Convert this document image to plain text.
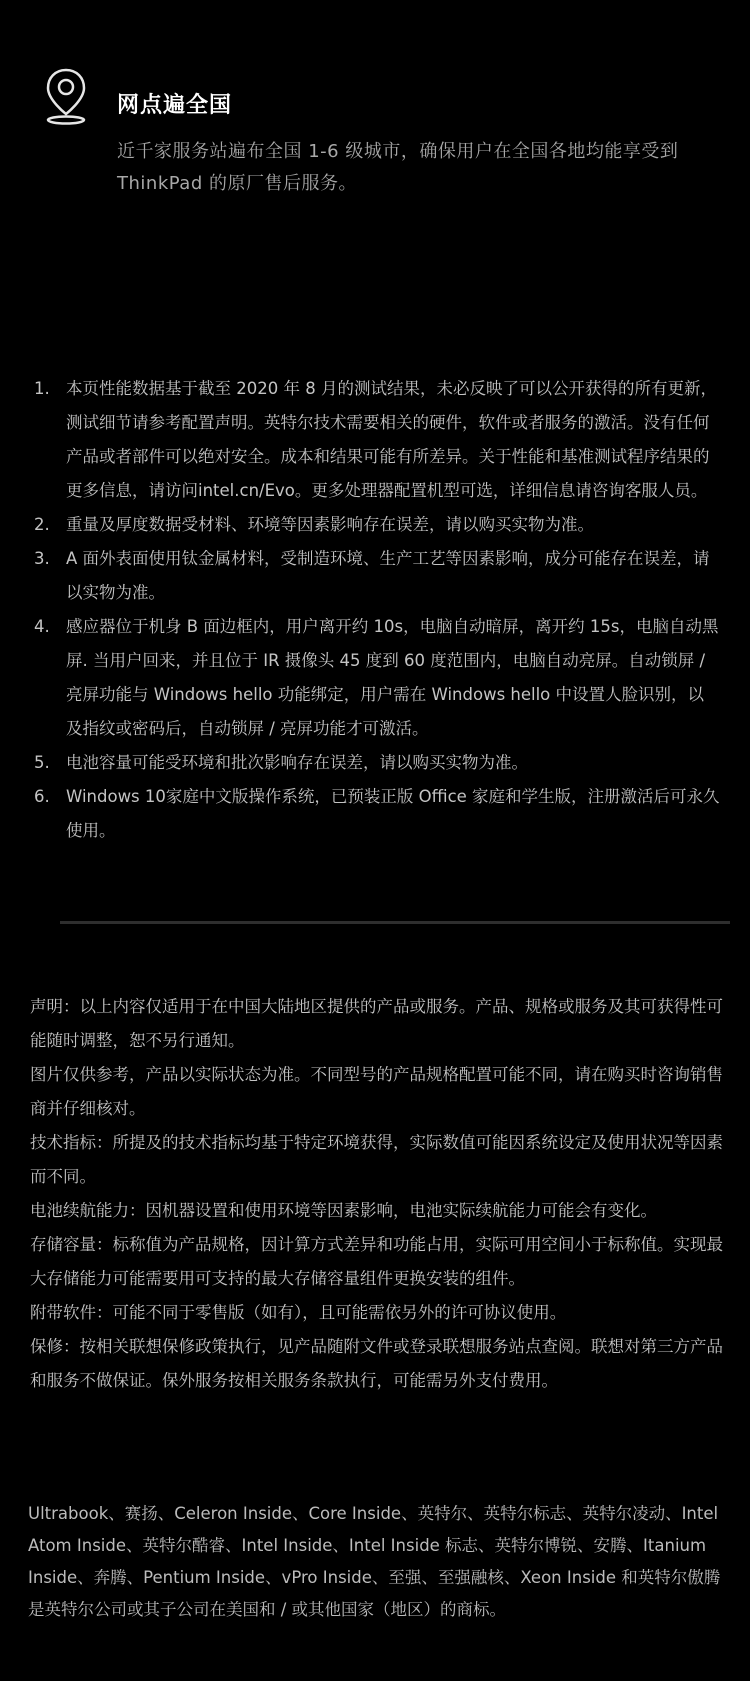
网点遍全国
近千家服务站遍布全国 1-6 级城市，确保用户在全国各地均能享受到 ThinkPad 的原厂售后服务。
1. 本页性能数据基于截至 2020 年 8 月的测试结果，未必反映了可以公开获得的所有更新，测试细节请参考配置声明。英特尔技术需要相关的硬件，软件或者服务的激活。没有任何产品或者部件可以绝对安全。成本和结果可能有所差异。关于性能和基准测试程序结果的更多信息，请访问intel.cn/Evo。更多处理器配置机型可选，详细信息请咨询客服人员。
2. 重量及厚度数据受材料、环境等因素影响存在误差，请以购买实物为准。
3. A 面外表面使用钛金属材料，受制造环境、生产工艺等因素影响，成分可能存在误差，请以实物为准。
4. 感应器位于机身 B 面边框内，用户离开约 10s，电脑自动暗屏，离开约 15s，电脑自动黑屏. 当用户回来，并且位于 IR 摄像头 45 度到 60 度范围内，电脑自动亮屏。自动锁屏 / 亮屏功能与 Windows hello 功能绑定，用户需在 Windows hello 中设置人脸识别，以及指纹或密码后，自动锁屏 / 亮屏功能才可激活。
5. 电池容量可能受环境和批次影响存在误差，请以购买实物为准。
6. Windows 10家庭中文版操作系统，已预装正版 Office 家庭和学生版，注册激活后可永久使用。

声明：以上内容仅适用于在中国大陆地区提供的产品或服务。产品、规格或服务及其可获得性可能随时调整，恕不另行通知。

图片仅供参考，产品以实际状态为准。不同型号的产品规格配置可能不同，请在购买时咨询销售商并仔细核对。

技术指标：所提及的技术指标均基于特定环境获得，实际数值可能因系统设定及使用状况等因素而不同。

电池续航能力：因机器设置和使用环境等因素影响，电池实际续航能力可能会有变化。

存储容量：标称值为产品规格，因计算方式差异和功能占用，实际可用空间小于标称值。实现最大存储能力可能需要用可支持的最大存储容量组件更换安装的组件。

附带软件：可能不同于零售版（如有），且可能需依另外的许可协议使用。

保修：按相关联想保修政策执行，见产品随附文件或登录联想服务站点查阅。联想对第三方产品和服务不做保证。保外服务按相关服务条款执行，可能需另外支付费用。

Ultrabook、赛扬、Celeron Inside、Core Inside、英特尔、英特尔标志、英特尔凌动、Intel Atom Inside、英特尔酷睿、Intel Inside、Intel Inside 标志、英特尔博锐、安腾、Itanium Inside、奔腾、Pentium Inside、vPro Inside、至强、至强融核、Xeon Inside 和英特尔傲腾是英特尔公司或其子公司在美国和 / 或其他国家（地区）的商标。
